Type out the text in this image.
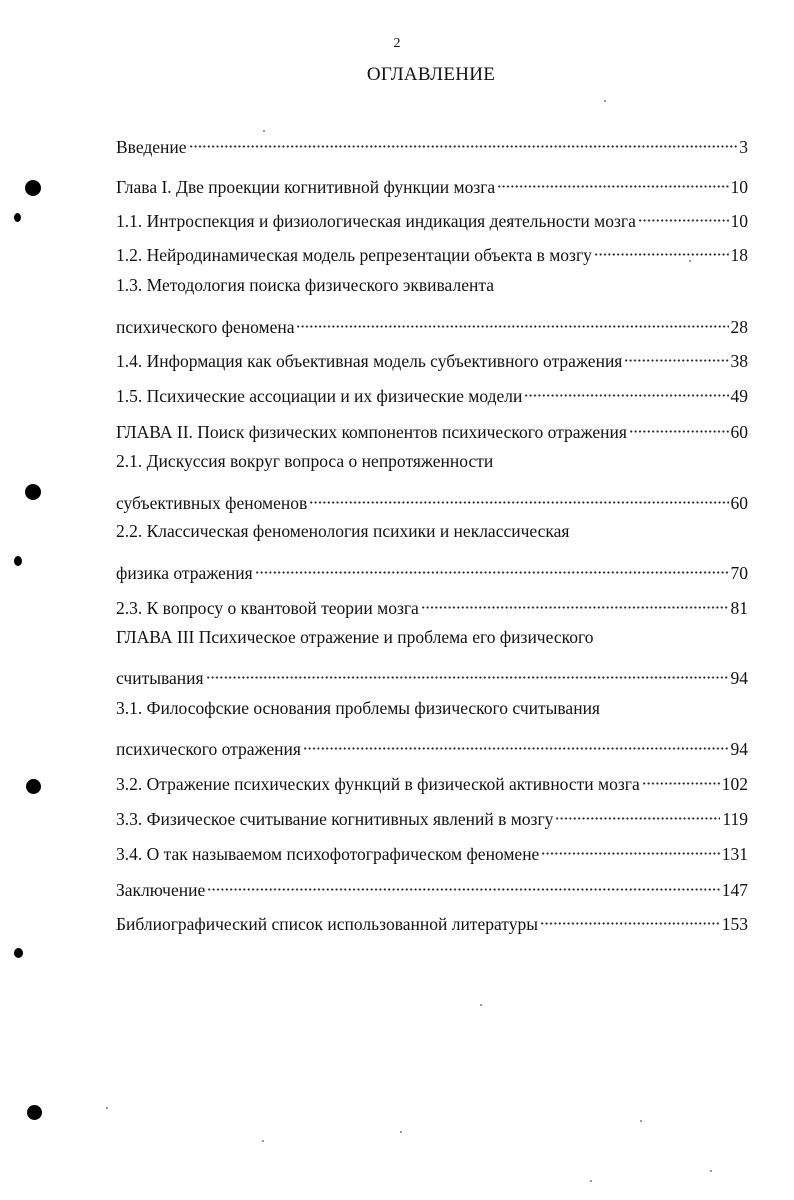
2
ОГЛАВЛЕНИЕ
Введение	3
Глава I. Две проекции когнитивной функции мозга	10
1.1. Интроспекция и физиологическая индикация деятельности мозга	10
1.2. Нейродинамическая модель репрезентации объекта в мозгу	18
1.3. Методология поиска физического эквивалента
психического феномена	28
1.4. Информация как объективная модель субъективного отражения	38
1.5. Психические ассоциации и их физические модели	49
ГЛАВА II. Поиск физических компонентов психического отражения	60
2.1. Дискуссия вокруг вопроса о непротяженности
субъективных феноменов	60
2.2. Классическая феноменология психики и неклассическая
физика отражения	70
2.3. К вопросу о квантовой теории мозга	81
ГЛАВА III Психическое отражение и проблема его физического
считывания	94
3.1. Философские основания проблемы физического считывания
психического отражения	94
3.2. Отражение психических функций в физической активности мозга	102
3.3. Физическое считывание когнитивных явлений в мозгу	119
3.4. О так называемом психофотографическом феномене	131
Заключение	147
Библиографический список использованной литературы	153
